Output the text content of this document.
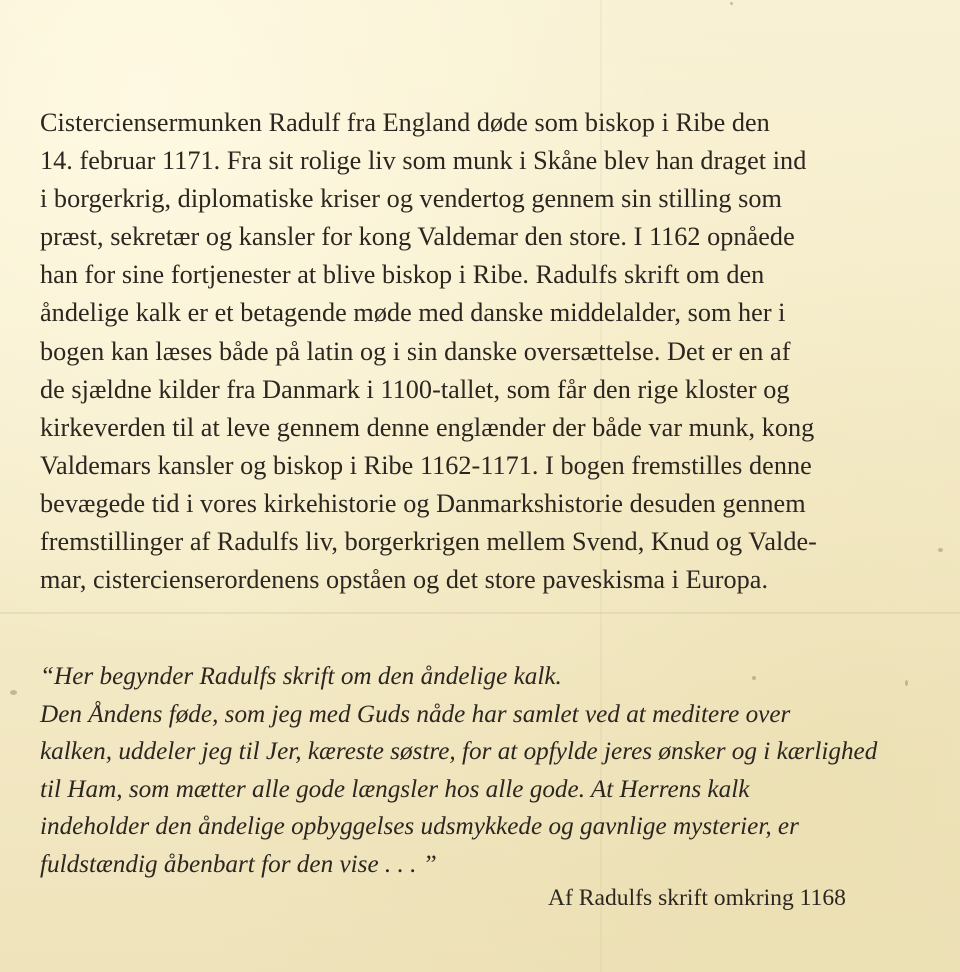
Cisterciensermunken Radulf fra England døde som biskop i Ribe den
14. februar 1171. Fra sit rolige liv som munk i Skåne blev han draget ind
i borgerkrig, diplomatiske kriser og vendertog gennem sin stilling som
præst, sekretær og kansler for kong Valdemar den store. I 1162 opnåede
han for sine fortjenester at blive biskop i Ribe. Radulfs skrift om den
åndelige kalk er et betagende møde med danske middelalder, som her i
bogen kan læses både på latin og i sin danske oversættelse. Det er en af
de sjældne kilder fra Danmark i 1100-tallet, som får den rige kloster og
kirkeverden til at leve gennem denne englænder der både var munk, kong
Valdemars kansler og biskop i Ribe 1162-1171. I bogen fremstilles denne
bevægede tid i vores kirkehistorie og Danmarkshistorie desuden gennem
fremstillinger af Radulfs liv, borgerkrigen mellem Svend, Knud og Valde-
mar, cistercienserordenens opståen og det store paveskisma i Europa.
“Her begynder Radulfs skrift om den åndelige kalk.
Den Åndens føde, som jeg med Guds nåde har samlet ved at meditere over
kalken, uddeler jeg til Jer, kæreste søstre, for at opfylde jeres ønsker og i kærlighed
til Ham, som mætter alle gode længsler hos alle gode. At Herrens kalk
indeholder den åndelige opbyggelses udsmykkede og gavnlige mysterier, er
fuldstændig åbenbart for den vise . . . ”
Af Radulfs skrift omkring 1168
